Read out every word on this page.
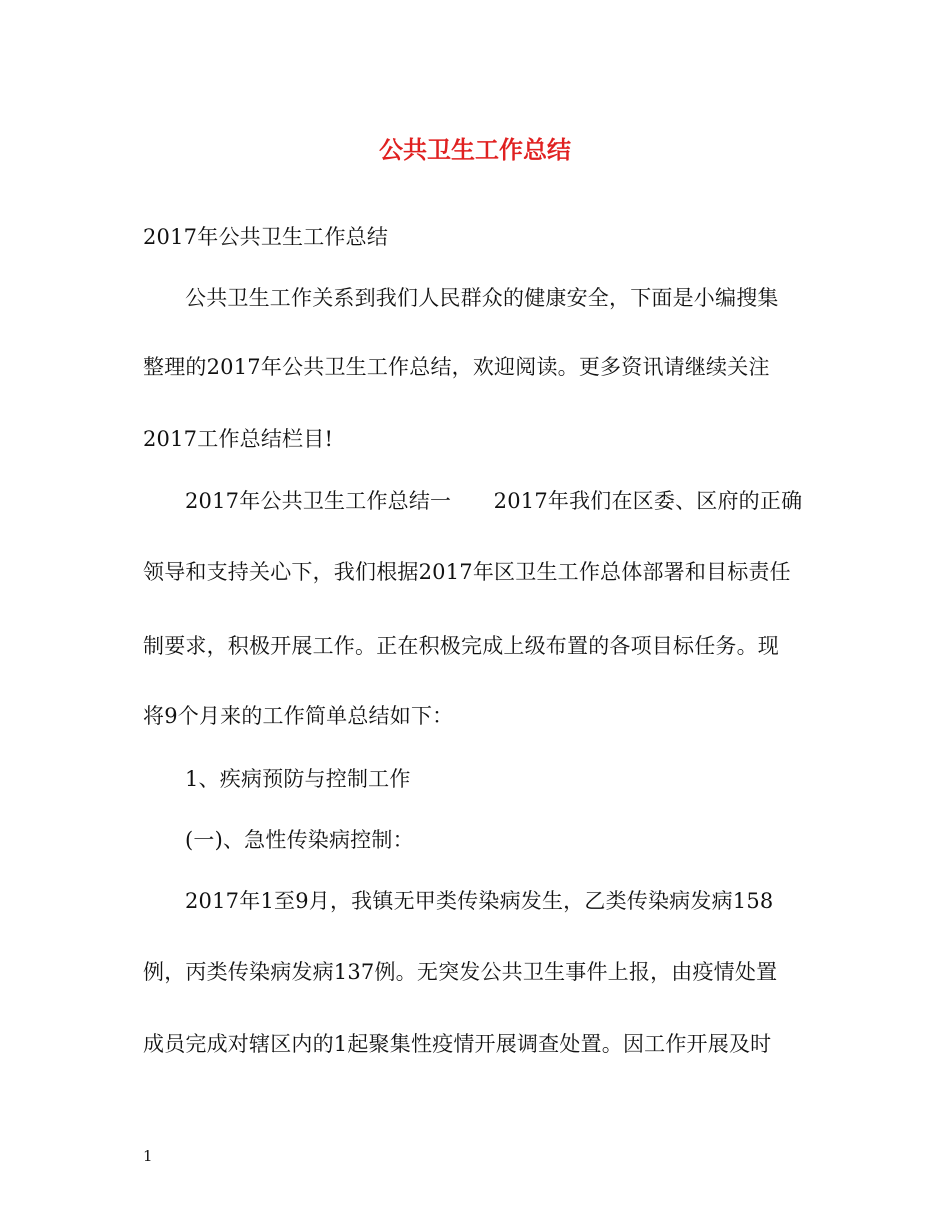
公共卫生工作总结
2017年公共卫生工作总结
公共卫生工作关系到我们人民群众的健康安全，下面是小编搜集
整理的2017年公共卫生工作总结，欢迎阅读。更多资讯请继续关注
2017工作总结栏目!
2017年公共卫生工作总结一　　2017年我们在区委、区府的正确
领导和支持关心下，我们根据2017年区卫生工作总体部署和目标责任
制要求，积极开展工作。正在积极完成上级布置的各项目标任务。现
将9个月来的工作简单总结如下：
1、疾病预防与控制工作
(一)、急性传染病控制：
2017年1至9月，我镇无甲类传染病发生，乙类传染病发病158
例，丙类传染病发病137例。无突发公共卫生事件上报，由疫情处置
成员完成对辖区内的1起聚集性疫情开展调查处置。因工作开展及时
1
